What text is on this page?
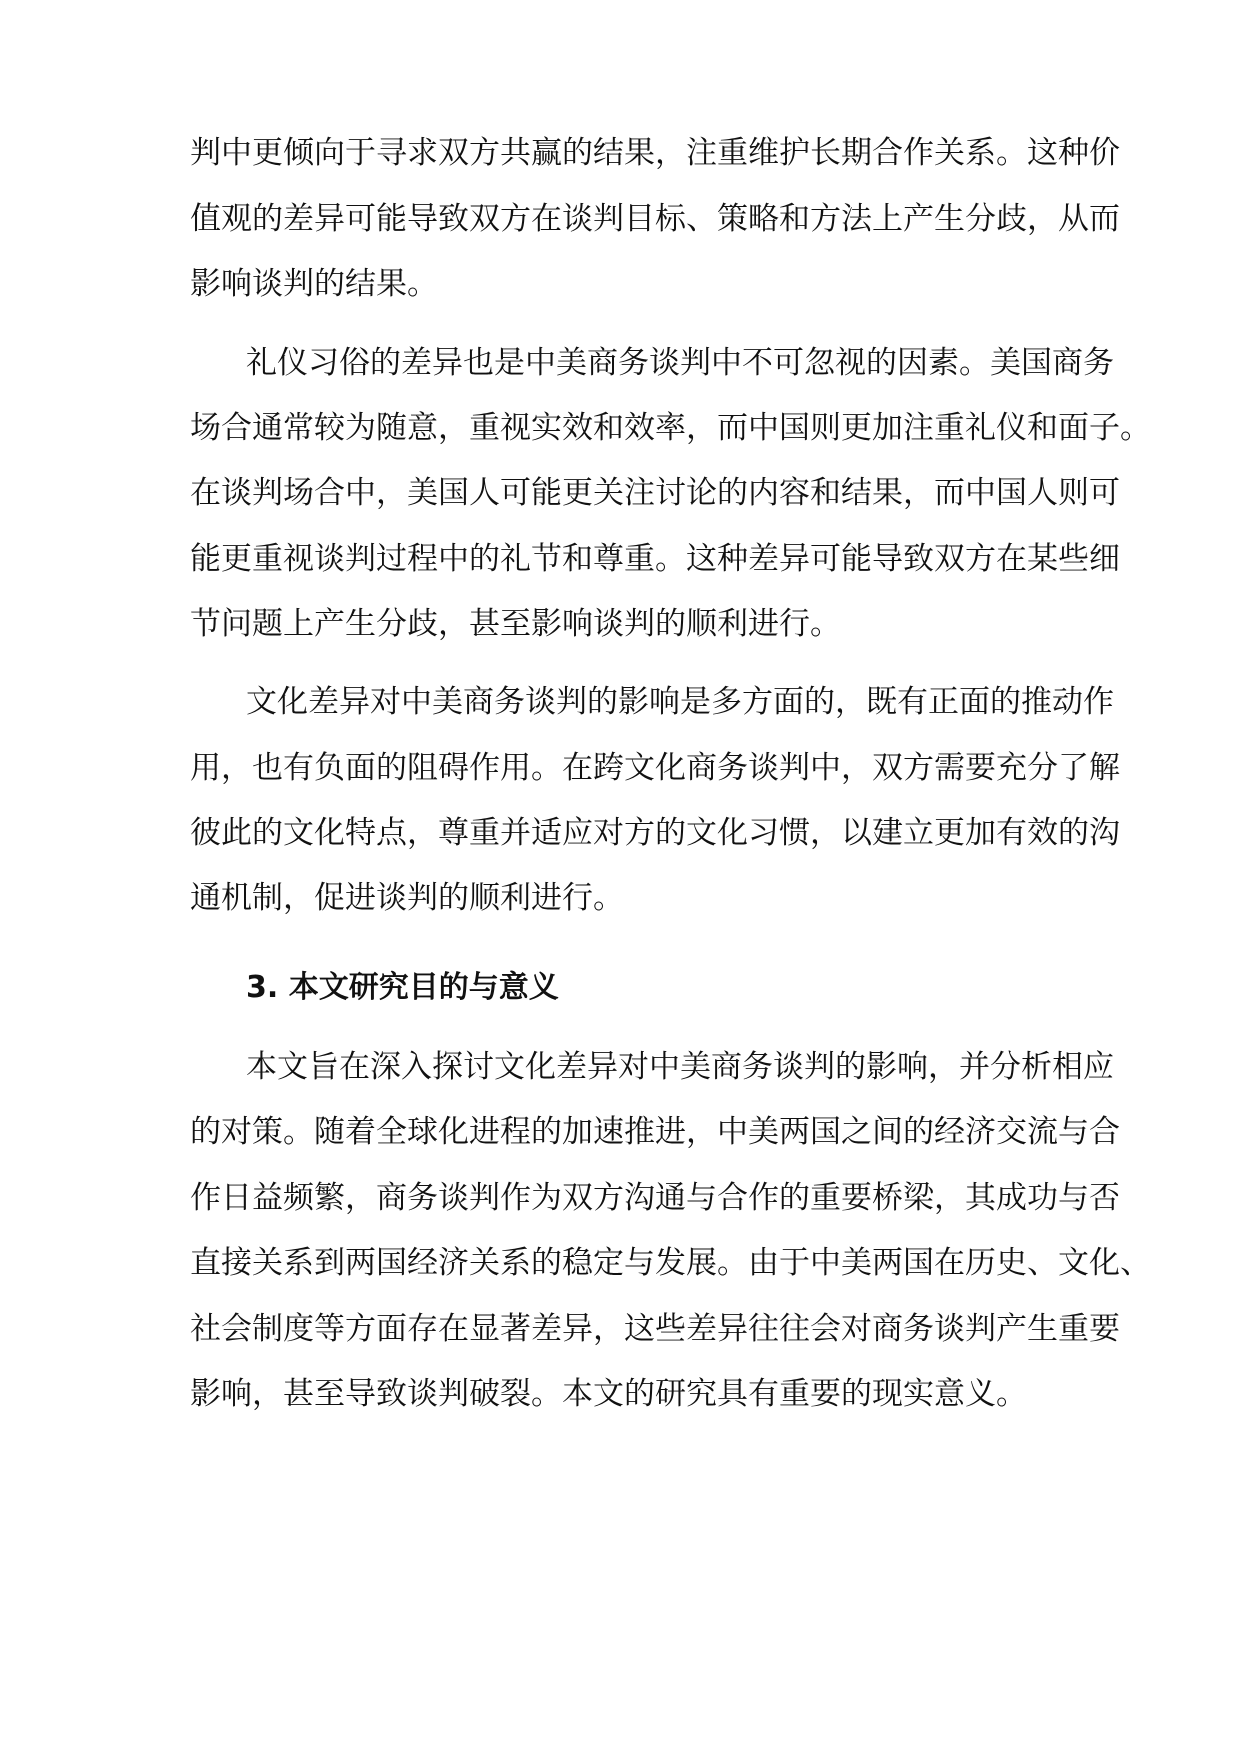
判中更倾向于寻求双方共赢的结果，注重维护长期合作关系。这种价

值观的差异可能导致双方在谈判目标、策略和方法上产生分歧，从而

影响谈判的结果。

礼仪习俗的差异也是中美商务谈判中不可忽视的因素。美国商务

场合通常较为随意，重视实效和效率，而中国则更加注重礼仪和面子。

在谈判场合中，美国人可能更关注讨论的内容和结果，而中国人则可

能更重视谈判过程中的礼节和尊重。这种差异可能导致双方在某些细

节问题上产生分歧，甚至影响谈判的顺利进行。

文化差异对中美商务谈判的影响是多方面的，既有正面的推动作

用，也有负面的阻碍作用。在跨文化商务谈判中，双方需要充分了解

彼此的文化特点，尊重并适应对方的文化习惯，以建立更加有效的沟

通机制，促进谈判的顺利进行。

3. 本文研究目的与意义

本文旨在深入探讨文化差异对中美商务谈判的影响，并分析相应

的对策。随着全球化进程的加速推进，中美两国之间的经济交流与合

作日益频繁，商务谈判作为双方沟通与合作的重要桥梁，其成功与否

直接关系到两国经济关系的稳定与发展。由于中美两国在历史、文化、

社会制度等方面存在显著差异，这些差异往往会对商务谈判产生重要

影响，甚至导致谈判破裂。本文的研究具有重要的现实意义。
